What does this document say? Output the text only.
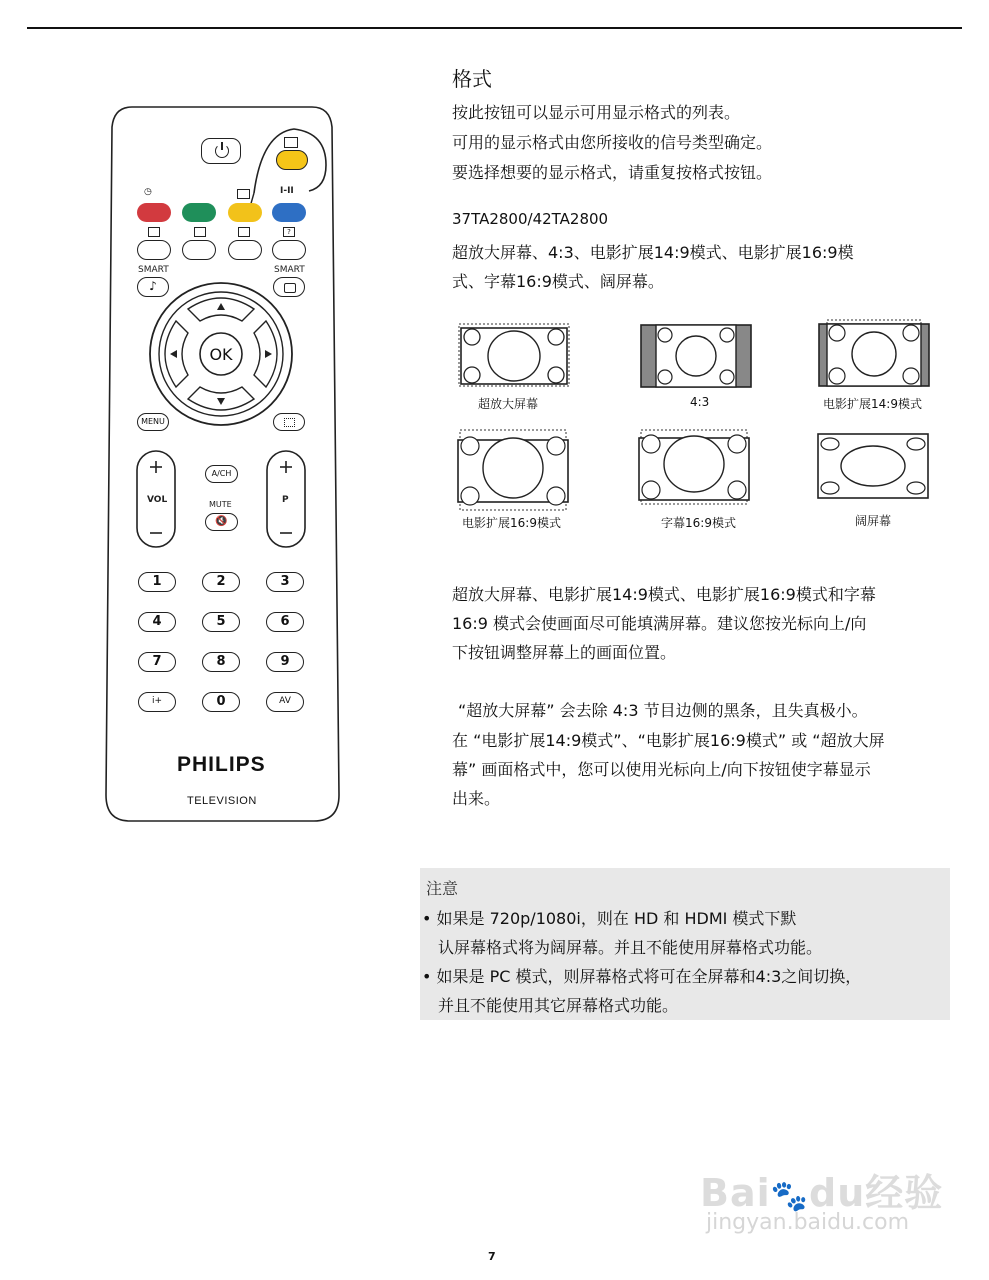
◷	I-II
?
SMART	SMART
♪
OK
MENU
VOL	P
A/CH
MUTE
🔇
1	2	3
4	5	6
7	8	9
i+	0	AV
PHILIPS
TELEVISION
格式
按此按钮可以显示可用显示格式的列表。
可用的显示格式由您所接收的信号类型确定。
要选择想要的显示格式，请重复按格式按钮。
37TA2800/42TA2800
超放大屏幕、4:3、电影扩展14:9模式、电影扩展16:9模
式、字幕16:9模式、阔屏幕。
超放大屏幕	4:3	电影扩展14:9模式
电影扩展16:9模式	字幕16:9模式	阔屏幕
超放大屏幕、电影扩展14:9模式、电影扩展16:9模式和字幕
16:9 模式会使画面尽可能填满屏幕。建议您按光标向上/向
下按钮调整屏幕上的画面位置。
“超放大屏幕” 会去除 4:3 节目边侧的黑条，且失真极小。
在 “电影扩展14:9模式”、“电影扩展16:9模式” 或 “超放大屏
幕” 画面格式中，您可以使用光标向上/向下按钮使字幕显示
出来。
注意
• 如果是 720p/1080i，则在 HD 和 HDMI 模式下默
认屏幕格式将为阔屏幕。并且不能使用屏幕格式功能。
• 如果是 PC 模式，则屏幕格式将可在全屏幕和4:3之间切换，
并且不能使用其它屏幕格式功能。
Bai🐾du经验
jingyan.baidu.com
7
